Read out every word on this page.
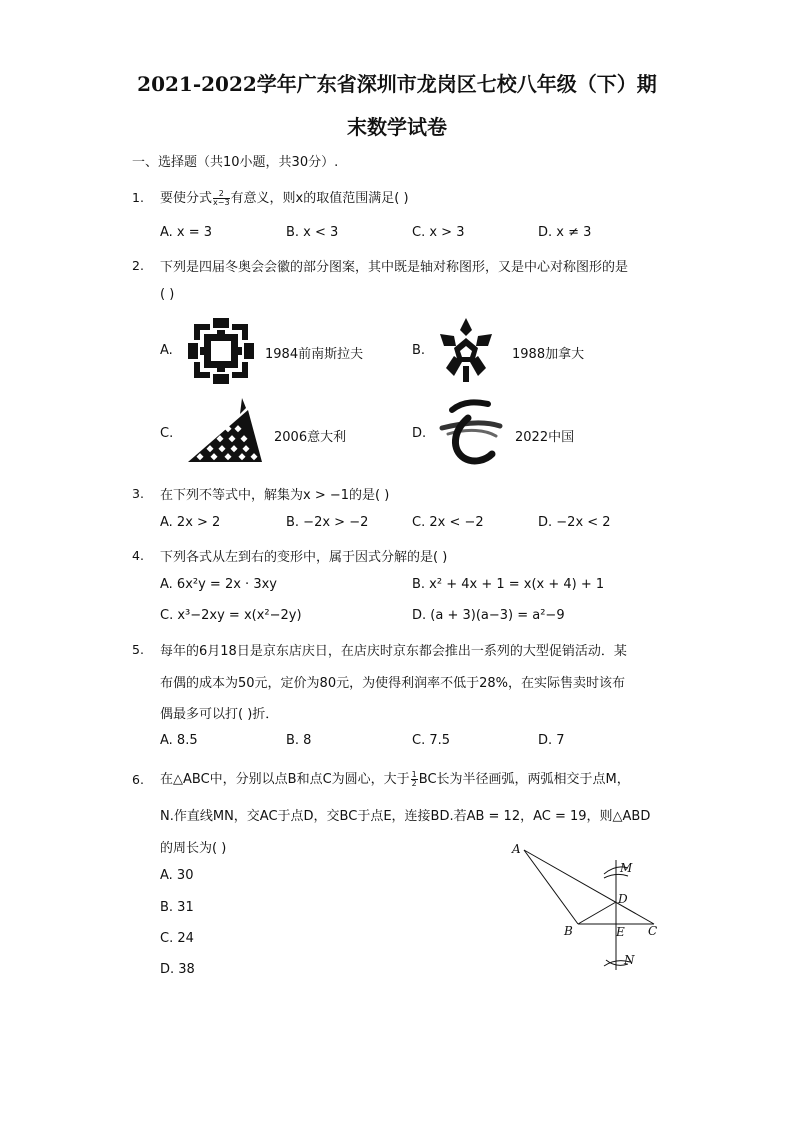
2021-2022学年广东省深圳市龙岗区七校八年级（下）期
末数学试卷
一、选择题（共10小题，共30分）.
1. 要使分式 $\frac{2}{x-3}$ 有意义，则x的取值范围满足( )
A. x = 3	B. x < 3	C. x > 3	D. x ≠ 3
2. 下列是四届冬奥会会徽的部分图案，其中既是轴对称图形，又是中心对称图形的是
( )
A.	1984前南斯拉夫	B.	1988加拿大
C.	2006意大利	D.	2022中国
3. 在下列不等式中，解集为x > −1的是( )
A. 2x > 2	B. −2x > −2	C. 2x < −2	D. −2x < 2
4. 下列各式从左到右的变形中，属于因式分解的是( )
A. 6x²y = 2x · 3xy	B. x² + 4x + 1 = x(x + 4) + 1
C. x³−2xy = x(x²−2y)	D. (a + 3)(a−3) = a²−9
5. 每年的6月18日是京东店庆日，在店庆时京东都会推出一系列的大型促销活动．某
布偶的成本为50元，定价为80元，为使得利润率不低于28%，在实际售卖时该布
偶最多可以打( )折．
A. 8.5	B. 8	C. 7.5	D. 7
6. 在△ABC中，分别以点B和点C为圆心，大于 $\frac{1}{2}$ BC长为半径画弧，两弧相交于点M，
N.作直线MN，交AC于点D，交BC于点E，连接BD.若AB = 12，AC = 19，则△ABD
的周长为( )
A. 30
B. 31
C. 24
D. 38
A
B	C
D
E
M
N
